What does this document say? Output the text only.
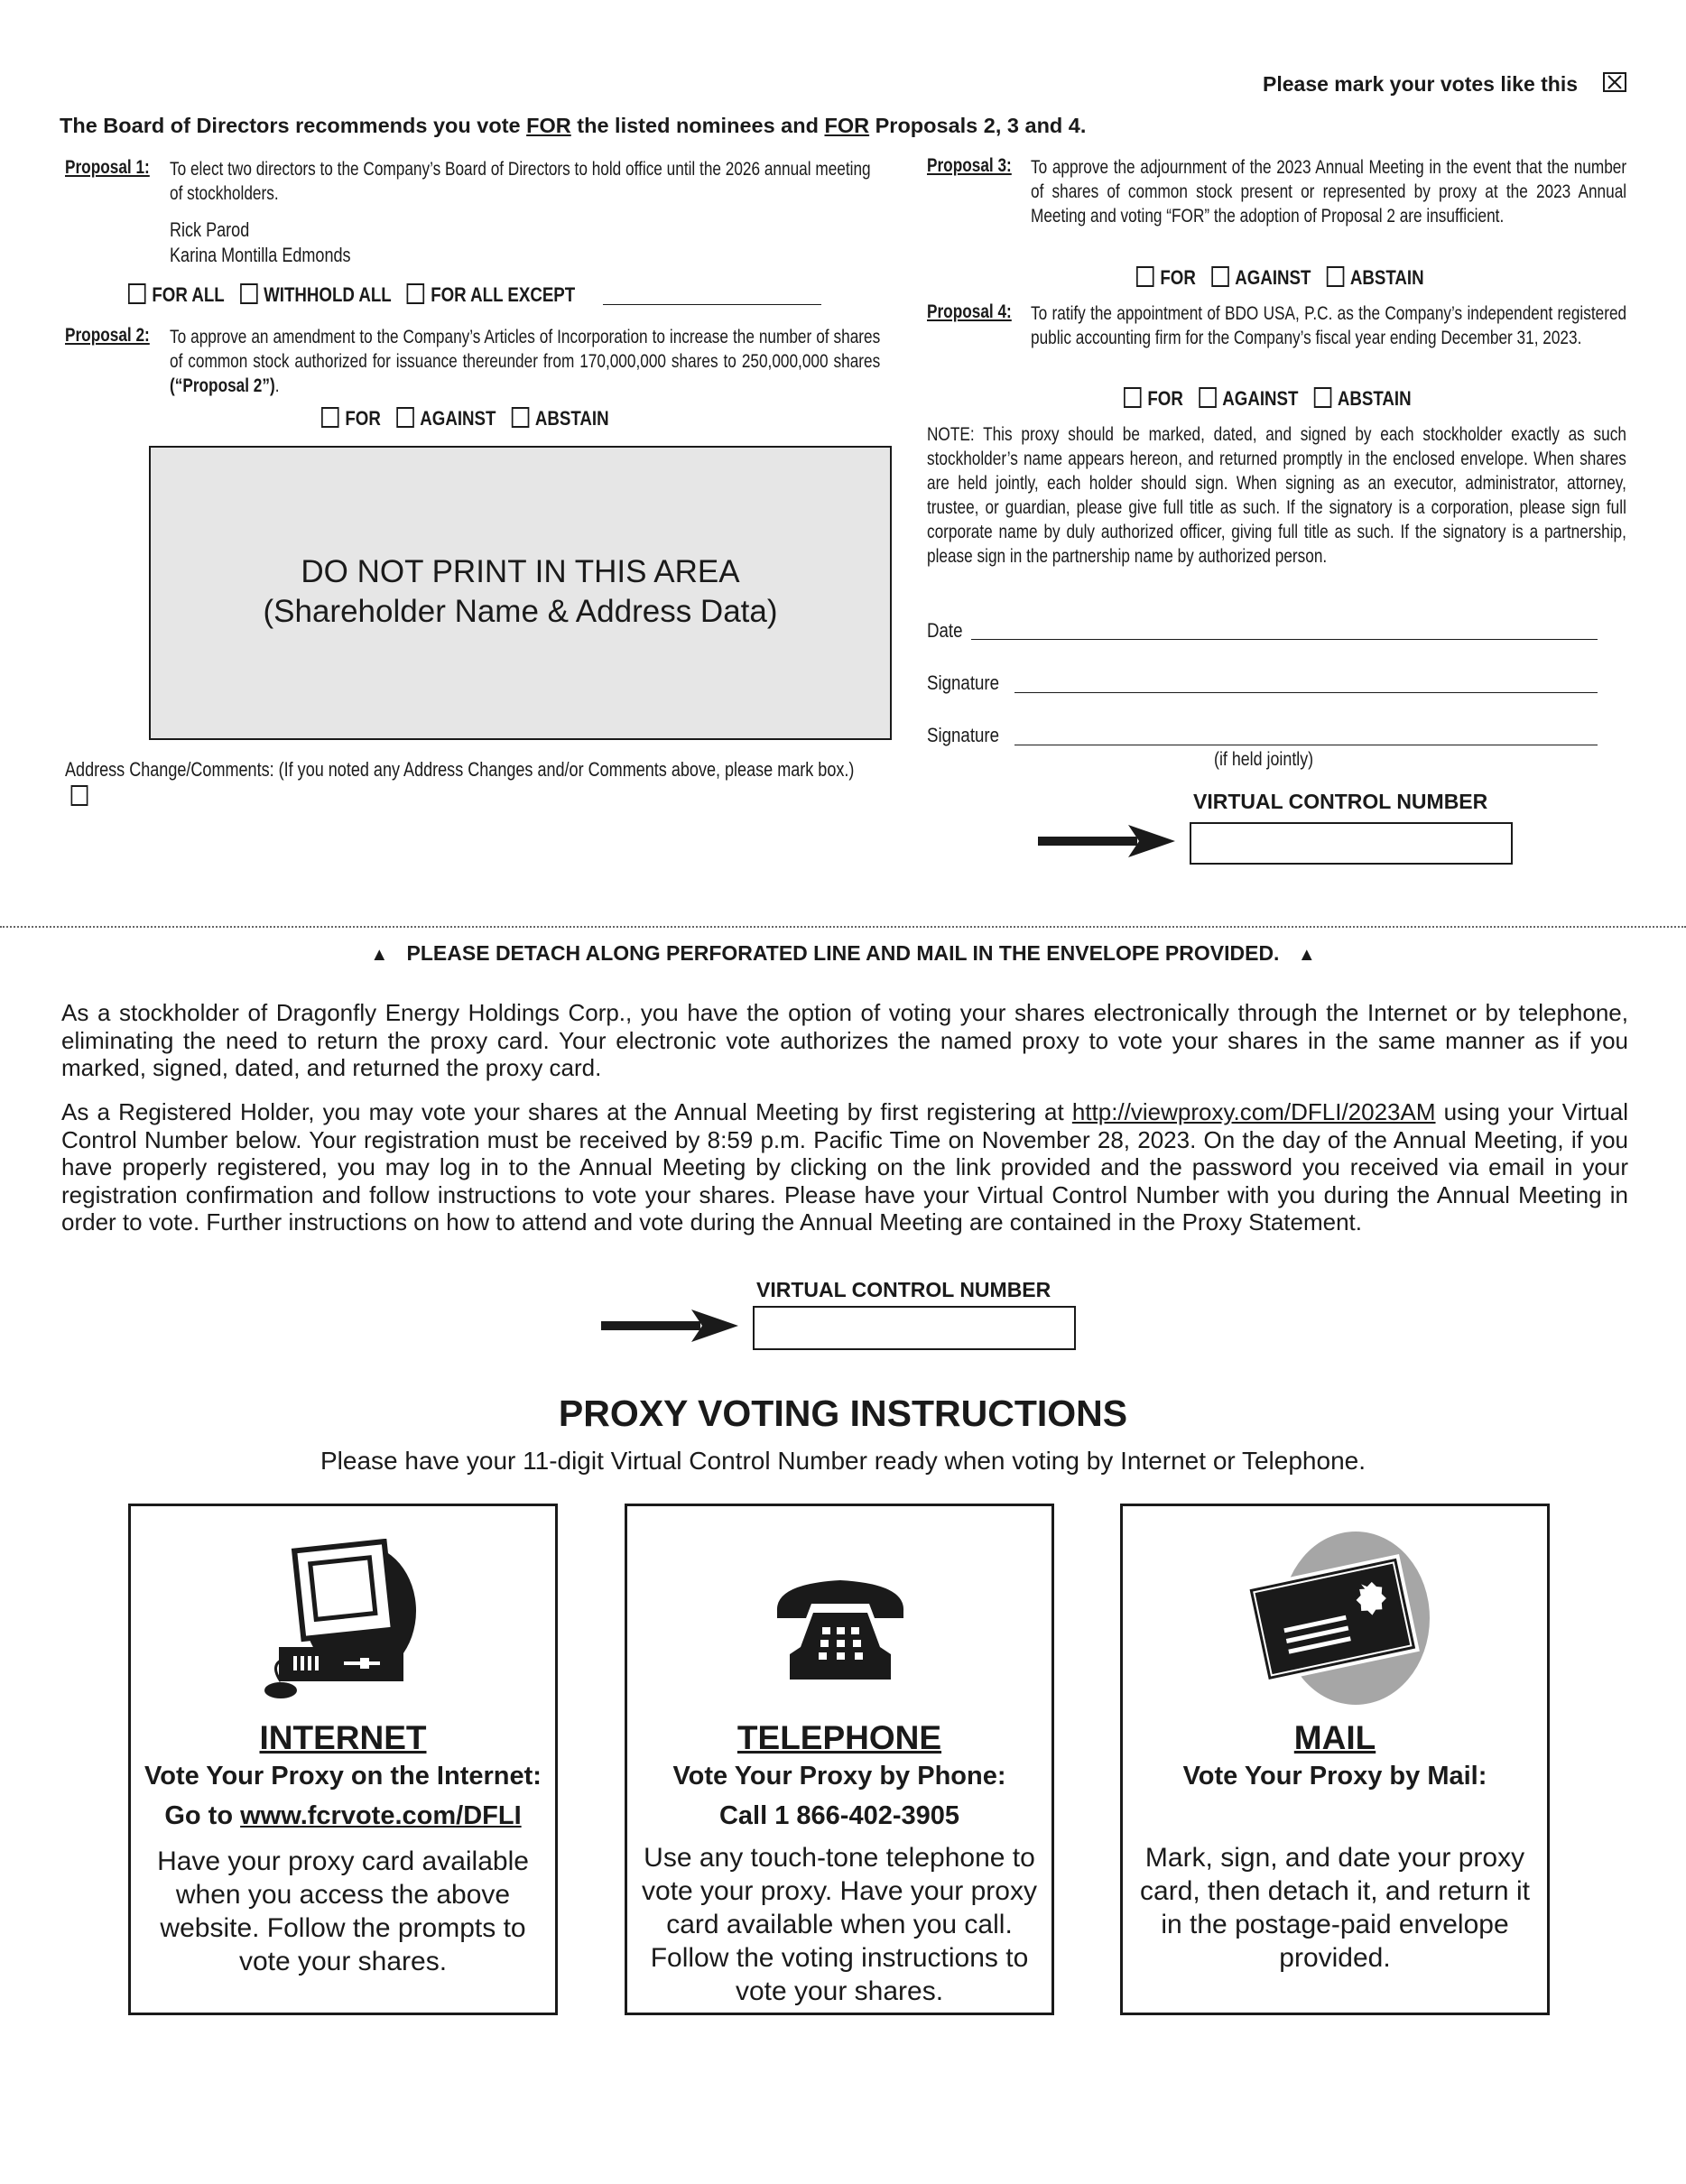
Please mark your votes like this
The Board of Directors recommends you vote FOR the listed nominees and FOR Proposals 2, 3 and 4.
Proposal 1: To elect two directors to the Company’s Board of Directors to hold office until the 2026 annual meeting of stockholders.
Rick Parod
Karina Montilla Edmonds
FOR ALL WITHHOLD ALL FOR ALL EXCEPT
Proposal 2: To approve an amendment to the Company’s Articles of Incorporation to increase the number of shares of common stock authorized for issuance thereunder from 170,000,000 shares to 250,000,000 shares (“Proposal 2”).
FOR AGAINST ABSTAIN
DO NOT PRINT IN THIS AREA
(Shareholder Name & Address Data)
Address Change/Comments: (If you noted any Address Changes and/or Comments above, please mark box.)
Proposal 3: To approve the adjournment of the 2023 Annual Meeting in the event that the number of shares of common stock present or represented by proxy at the 2023 Annual Meeting and voting “FOR” the adoption of Proposal 2 are insufficient.
FOR AGAINST ABSTAIN
Proposal 4: To ratify the appointment of BDO USA, P.C. as the Company’s independent registered public accounting firm for the Company’s fiscal year ending December 31, 2023.
FOR AGAINST ABSTAIN
NOTE: This proxy should be marked, dated, and signed by each stockholder exactly as such stockholder’s name appears hereon, and returned promptly in the enclosed envelope. When shares are held jointly, each holder should sign. When signing as an executor, administrator, attorney, trustee, or guardian, please give full title as such. If the signatory is a corporation, please sign full corporate name by duly authorized officer, giving full title as such. If the signatory is a partnership, please sign in the partnership name by authorized person.
Date
Signature
Signature
(if held jointly)
VIRTUAL CONTROL NUMBER
▲ PLEASE DETACH ALONG PERFORATED LINE AND MAIL IN THE ENVELOPE PROVIDED. ▲
As a stockholder of Dragonfly Energy Holdings Corp., you have the option of voting your shares electronically through the Internet or by telephone, eliminating the need to return the proxy card. Your electronic vote authorizes the named proxy to vote your shares in the same manner as if you marked, signed, dated, and returned the proxy card.
As a Registered Holder, you may vote your shares at the Annual Meeting by first registering at http://viewproxy.com/DFLI/2023AM using your Virtual Control Number below. Your registration must be received by 8:59 p.m. Pacific Time on November 28, 2023. On the day of the Annual Meeting, if you have properly registered, you may log in to the Annual Meeting by clicking on the link provided and the password you received via email in your registration confirmation and follow instructions to vote your shares. Please have your Virtual Control Number with you during the Annual Meeting in order to vote. Further instructions on how to attend and vote during the Annual Meeting are contained in the Proxy Statement.
VIRTUAL CONTROL NUMBER
PROXY VOTING INSTRUCTIONS
Please have your 11-digit Virtual Control Number ready when voting by Internet or Telephone.
INTERNET
Vote Your Proxy on the Internet:
Go to www.fcrvote.com/DFLI
Have your proxy card available when you access the above website. Follow the prompts to vote your shares.
TELEPHONE
Vote Your Proxy by Phone:
Call 1 866-402-3905
Use any touch-tone telephone to vote your proxy. Have your proxy card available when you call. Follow the voting instructions to vote your shares.
MAIL
Vote Your Proxy by Mail:
Mark, sign, and date your proxy card, then detach it, and return it in the postage-paid envelope provided.
